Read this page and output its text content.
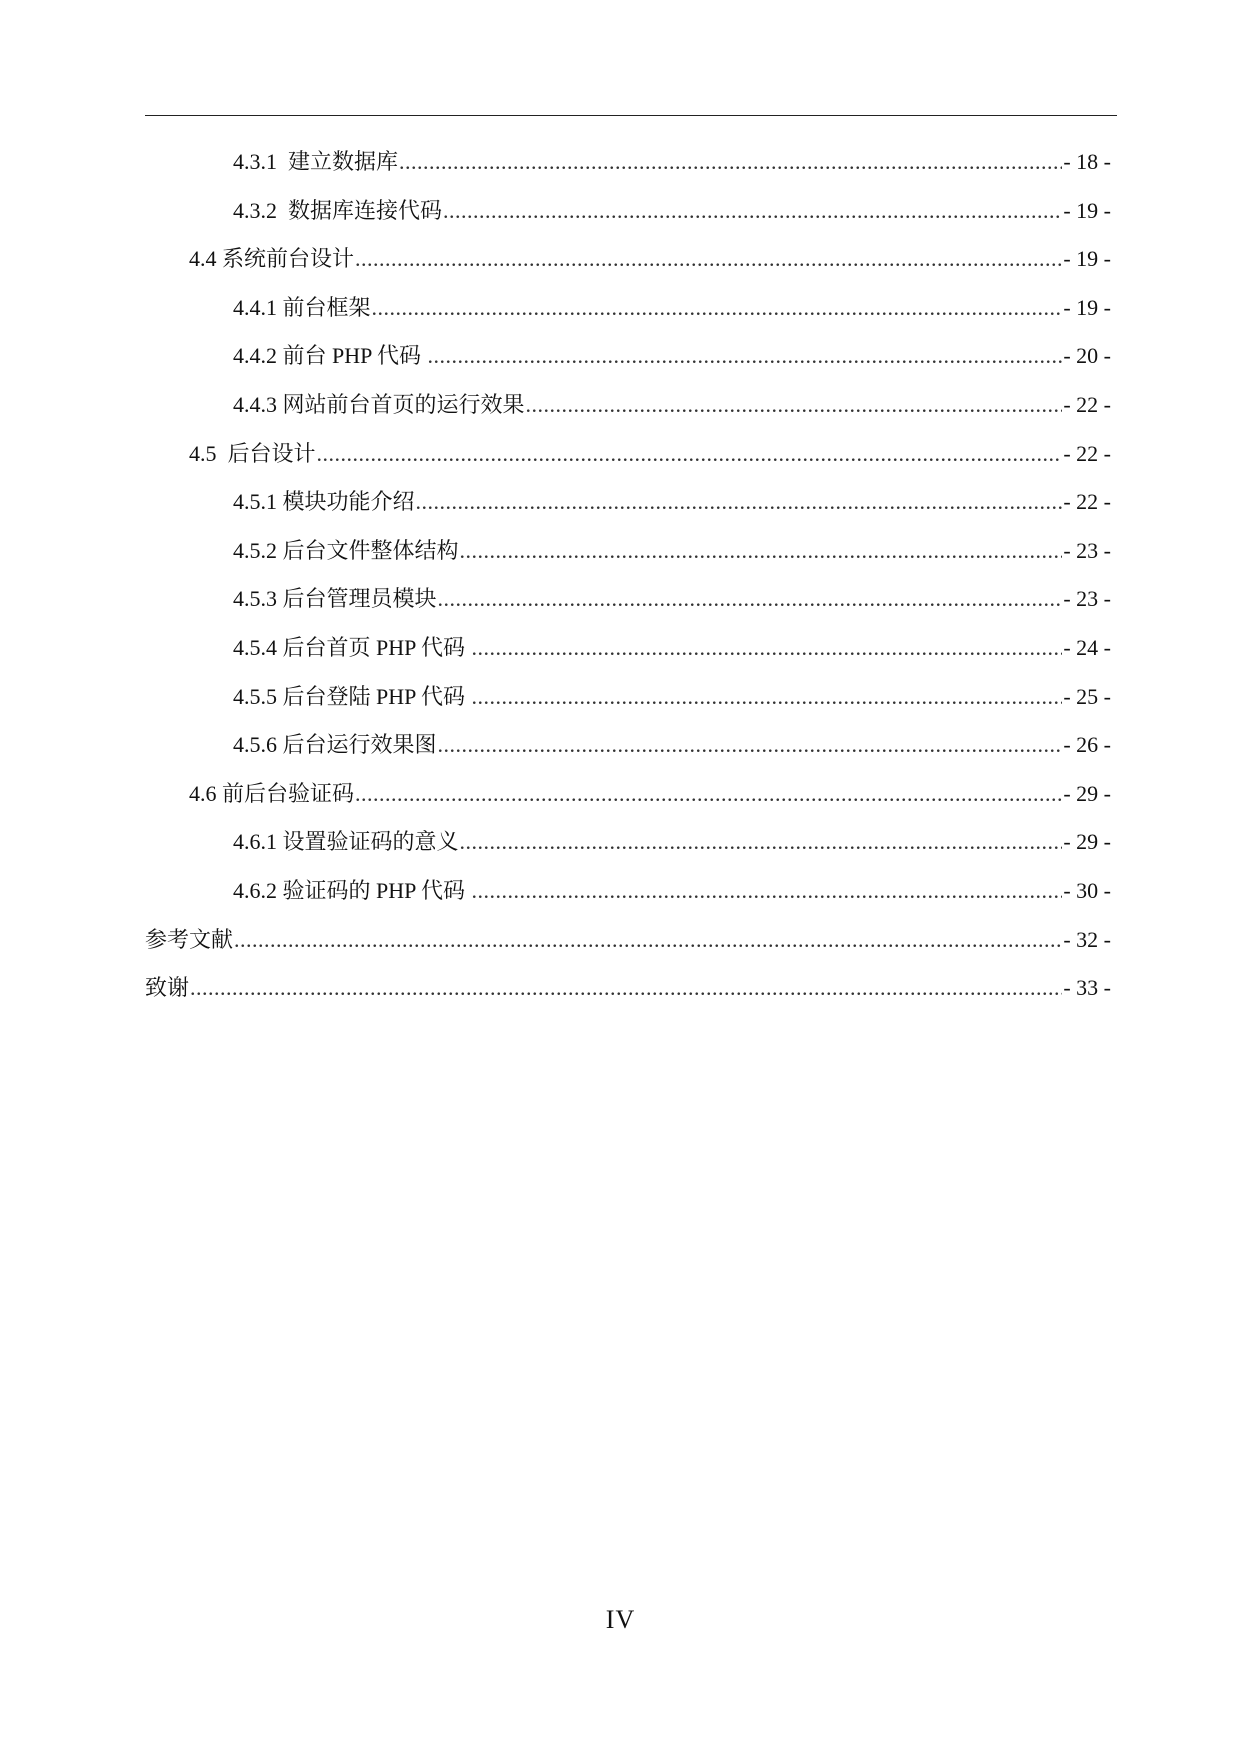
4.3.1  建立数据库 .....	- 18 -
4.3.2  数据库连接代码 .....	- 19 -
4.4 系统前台设计 .....	- 19 -
4.4.1 前台框架 .....	- 19 -
4.4.2 前台 PHP 代码 .....	- 20 -
4.4.3 网站前台首页的运行效果 .....	- 22 -
4.5  后台设计 .....	- 22 -
4.5.1 模块功能介绍 .....	- 22 -
4.5.2 后台文件整体结构 .....	- 23 -
4.5.3 后台管理员模块 .....	- 23 -
4.5.4 后台首页 PHP 代码 .....	- 24 -
4.5.5 后台登陆 PHP 代码 .....	- 25 -
4.5.6 后台运行效果图 .....	- 26 -
4.6 前后台验证码 .....	- 29 -
4.6.1 设置验证码的意义 .....	- 29 -
4.6.2 验证码的 PHP 代码 .....	- 30 -
参考文献 .....	- 32 -
致谢 .....	- 33 -
IV
